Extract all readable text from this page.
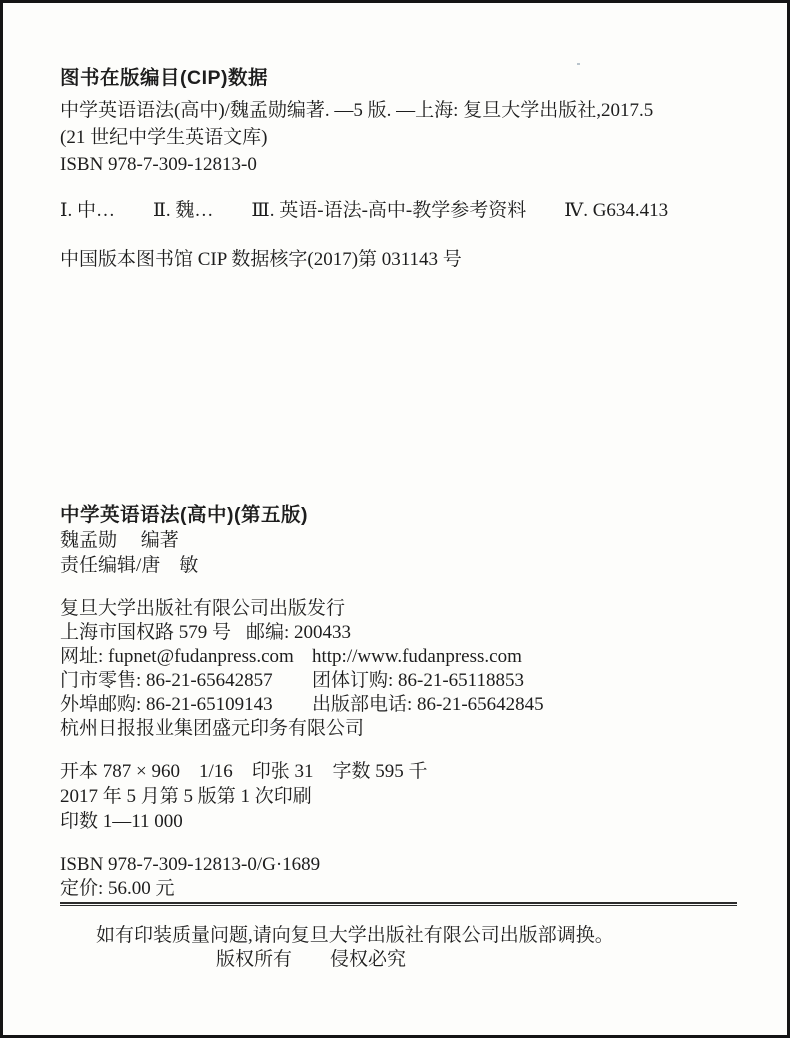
图书在版编目(CIP)数据
中学英语语法(高中)/魏孟勋编著. —5 版. —上海: 复旦大学出版社,2017.5
(21 世纪中学生英语文库)
ISBN 978-7-309-12813-0
Ⅰ. 中…　　Ⅱ. 魏…　　Ⅲ. 英语-语法-高中-教学参考资料　　Ⅳ. G634.413
中国版本图书馆 CIP 数据核字(2017)第 031143 号
中学英语语法(高中)(第五版)
魏孟勋　 编著
责任编辑/唐　敏
复旦大学出版社有限公司出版发行
上海市国权路 579 号 邮编: 200433
网址: fupnet@fudanpress.com http://www.fudanpress.com
门市零售: 86-21-65642857	团体订购: 86-21-65118853
外埠邮购: 86-21-65109143	出版部电话: 86-21-65642845
杭州日报报业集团盛元印务有限公司
开本 787 × 960　1/16　印张 31　字数 595 千
2017 年 5 月第 5 版第 1 次印刷
印数 1—11 000
ISBN 978-7-309-12813-0/G·1689
定价: 56.00 元
如有印装质量问题,请向复旦大学出版社有限公司出版部调换。
版权所有　　侵权必究
